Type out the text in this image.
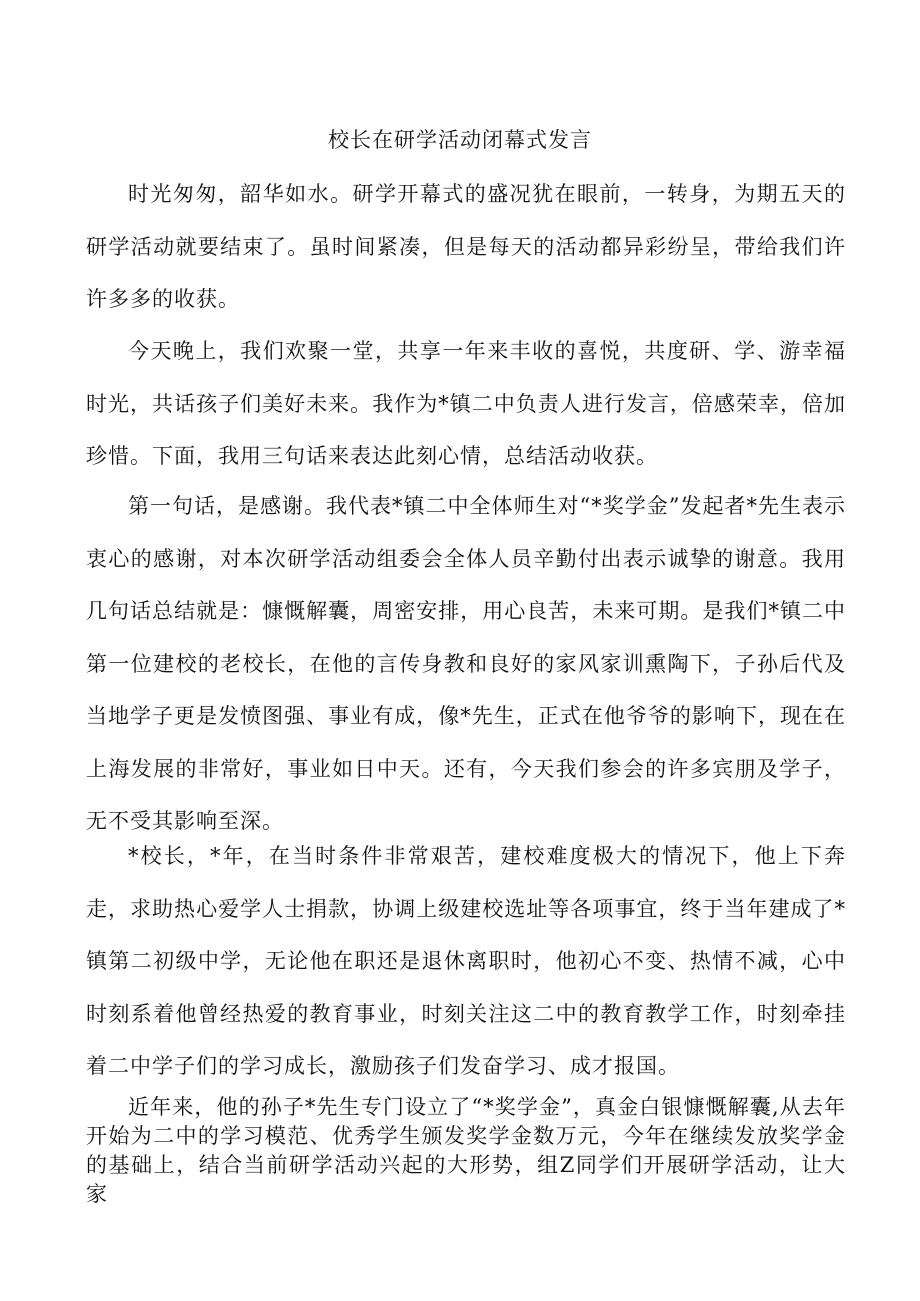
校长在研学活动闭幕式发言

时光匆匆，韶华如水。研学开幕式的盛况犹在眼前，一转身，为期五天的研学活动就要结束了。虽时间紧凑，但是每天的活动都异彩纷呈，带给我们许许多多的收获。

今天晚上，我们欢聚一堂，共享一年来丰收的喜悦，共度研、学、游幸福时光，共话孩子们美好未来。我作为*镇二中负责人进行发言，倍感荣幸，倍加珍惜。下面，我用三句话来表达此刻心情，总结活动收获。

第一句话，是感谢。我代表*镇二中全体师生对“*奖学金”发起者*先生表示衷心的感谢，对本次研学活动组委会全体人员辛勤付出表示诚挚的谢意。我用几句话总结就是：慷慨解囊，周密安排，用心良苦，未来可期。是我们*镇二中第一位建校的老校长，在他的言传身教和良好的家风家训熏陶下，子孙后代及当地学子更是发愤图强、事业有成，像*先生，正式在他爷爷的影响下，现在在上海发展的非常好，事业如日中天。还有，今天我们参会的许多宾朋及学子，无不受其影响至深。

*校长，*年，在当时条件非常艰苦，建校难度极大的情况下，他上下奔走，求助热心爱学人士捐款，协调上级建校选址等各项事宜，终于当年建成了*镇第二初级中学，无论他在职还是退休离职时，他初心不变、热情不减，心中时刻系着他曾经热爱的教育事业，时刻关注这二中的教育教学工作，时刻牵挂着二中学子们的学习成长，激励孩子们发奋学习、成才报国。

近年来，他的孙子*先生专门设立了“*奖学金”，真金白银慷慨解囊,从去年开始为二中的学习模范、优秀学生颁发奖学金数万元，今年在继续发放奖学金的基础上，结合当前研学活动兴起的大形势，组Z同学们开展研学活动，让大家
